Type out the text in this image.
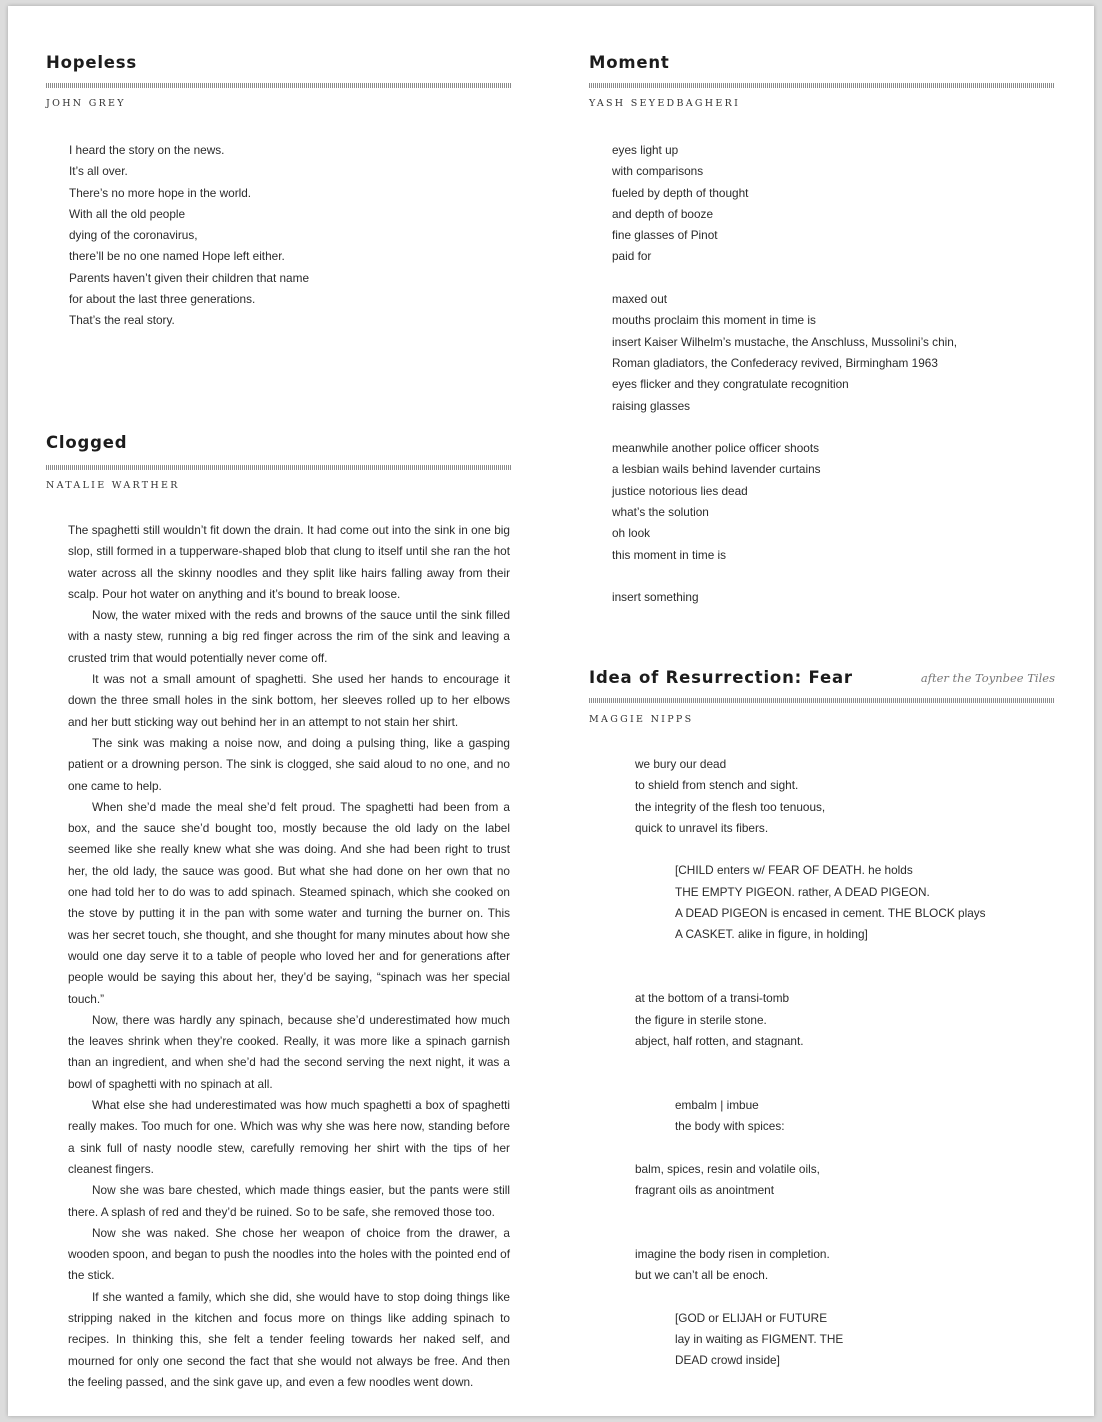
Hopeless
JOHN GREY
I heard the story on the news.
It’s all over.
There’s no more hope in the world.
With all the old people
dying of the coronavirus,
there’ll be no one named Hope left either.
Parents haven’t given their children that name
for about the last three generations.
That’s the real story.
Clogged
NATALIE WARTHER

The spaghetti still wouldn’t fit down the drain. It had come out into the sink in one big slop, still formed in a tupperware-shaped blob that clung to itself until she ran the hot water across all the skinny noodles and they split like hairs falling away from their scalp. Pour hot water on anything and it’s bound to break loose.

Now, the water mixed with the reds and browns of the sauce until the sink filled with a nasty stew, running a big red finger across the rim of the sink and leaving a crusted trim that would potentially never come off.

It was not a small amount of spaghetti. She used her hands to encourage it down the three small holes in the sink bottom, her sleeves rolled up to her elbows and her butt sticking way out behind her in an attempt to not stain her shirt.

The sink was making a noise now, and doing a pulsing thing, like a gasping patient or a drowning person. The sink is clogged, she said aloud to no one, and no one came to help.

When she’d made the meal she’d felt proud. The spaghetti had been from a box, and the sauce she’d bought too, mostly because the old lady on the label seemed like she really knew what she was doing. And she had been right to trust her, the old lady, the sauce was good. But what she had done on her own that no one had told her to do was to add spinach. Steamed spinach, which she cooked on the stove by putting it in the pan with some water and turning the burner on. This was her secret touch, she thought, and she thought for many minutes about how she would one day serve it to a table of people who loved her and for generations after people would be saying this about her, they’d be saying, “spinach was her special touch.”

Now, there was hardly any spinach, because she’d underestimated how much the leaves shrink when they’re cooked. Really, it was more like a spinach garnish than an ingredient, and when she’d had the second serving the next night, it was a bowl of spaghetti with no spinach at all.

What else she had underestimated was how much spaghetti a box of spaghetti really makes. Too much for one. Which was why she was here now, standing before a sink full of nasty noodle stew, carefully removing her shirt with the tips of her cleanest fingers.

Now she was bare chested, which made things easier, but the pants were still there. A splash of red and they’d be ruined. So to be safe, she removed those too.

Now she was naked. She chose her weapon of choice from the drawer, a wooden spoon, and began to push the noodles into the holes with the pointed end of the stick.

If she wanted a family, which she did, she would have to stop doing things like stripping naked in the kitchen and focus more on things like adding spinach to recipes. In thinking this, she felt a tender feeling towards her naked self, and mourned for only one second the fact that she would not always be free. And then the feeling passed, and the sink gave up, and even a few noodles went down.

Moment
YASH SEYEDBAGHERI
eyes light up
with comparisons
fueled by depth of thought
and depth of booze
fine glasses of Pinot
paid for
maxed out
mouths proclaim this moment in time is
insert Kaiser Wilhelm’s mustache, the Anschluss, Mussolini’s chin,
Roman gladiators, the Confederacy revived, Birmingham 1963
eyes flicker and they congratulate recognition
raising glasses
meanwhile another police officer shoots
a lesbian wails behind lavender curtains
justice notorious lies dead
what’s the solution
oh look
this moment in time is
insert something
Idea of Resurrection: Fear	after the Toynbee Tiles
MAGGIE NIPPS
we bury our dead
to shield from stench and sight.
the integrity of the flesh too tenuous,
quick to unravel its fibers.
[CHILD enters w/ FEAR OF DEATH. he holds
THE EMPTY PIGEON. rather, A DEAD PIGEON.
A DEAD PIGEON is encased in cement. THE BLOCK plays
A CASKET. alike in figure, in holding]
at the bottom of a transi-tomb
the figure in sterile stone.
abject, half rotten, and stagnant.
embalm | imbue
the body with spices:
balm, spices, resin and volatile oils,
fragrant oils as anointment
imagine the body risen in completion.
but we can’t all be enoch.
[GOD or ELIJAH or FUTURE
lay in waiting as FIGMENT. THE
DEAD crowd inside]
